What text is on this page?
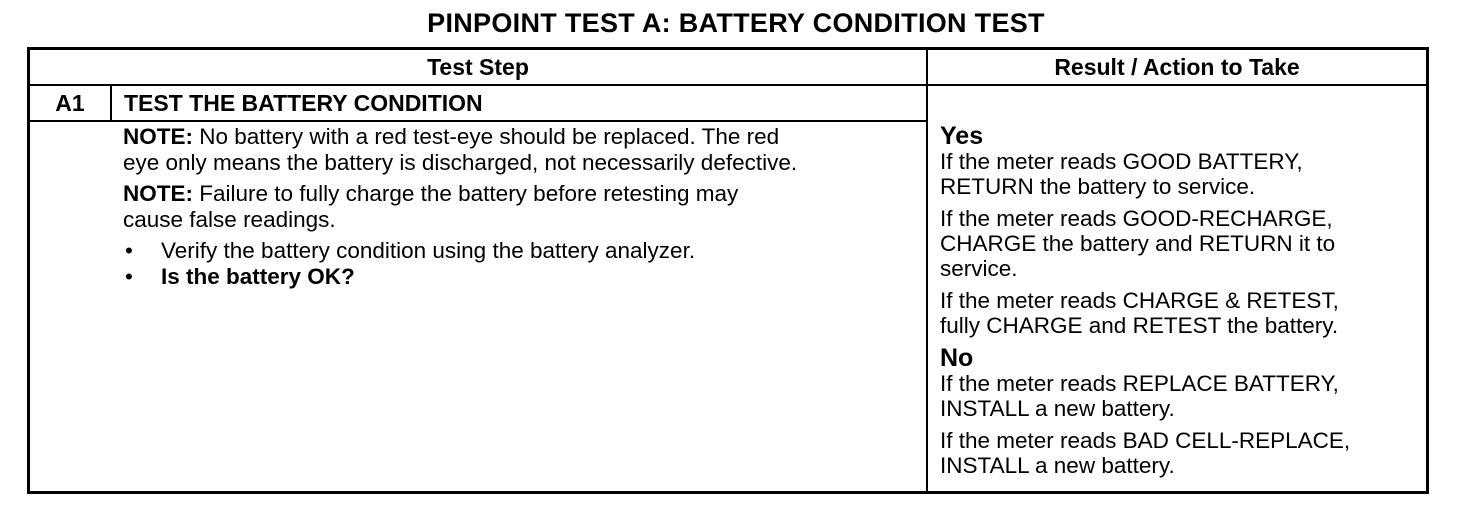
PINPOINT TEST A: BATTERY CONDITION TEST
Test Step	Result / Action to Take
A1	TEST THE BATTERY CONDITION
NOTE: No battery with a red test-eye should be replaced. The red
eye only means the battery is discharged, not necessarily defective.
NOTE: Failure to fully charge the battery before retesting may
cause false readings.
• Verify the battery condition using the battery analyzer.
• Is the battery OK?
Yes
If the meter reads GOOD BATTERY,
RETURN the battery to service.
If the meter reads GOOD-RECHARGE,
CHARGE the battery and RETURN it to
service.
If the meter reads CHARGE & RETEST,
fully CHARGE and RETEST the battery.
No
If the meter reads REPLACE BATTERY,
INSTALL a new battery.
If the meter reads BAD CELL-REPLACE,
INSTALL a new battery.
